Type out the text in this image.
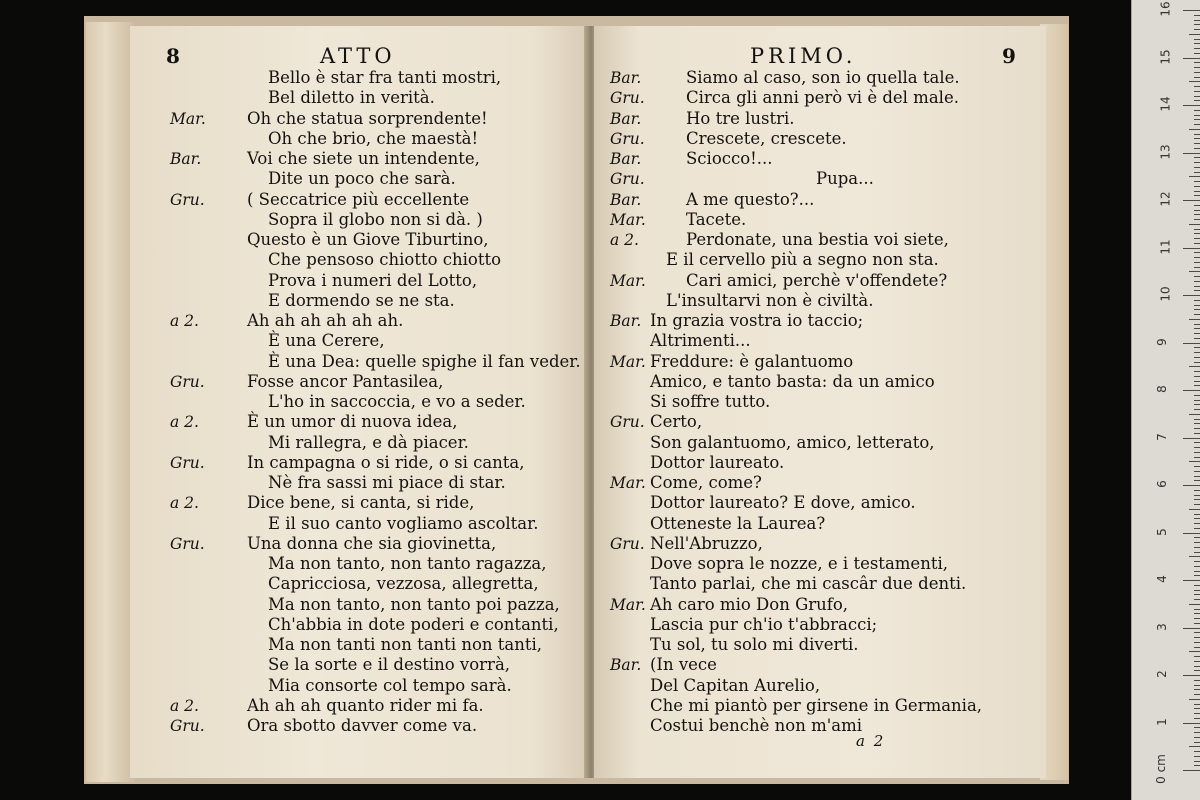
8	ATTO
Bello è star fra tanti mostri,
Bel diletto in verità.
Mar.	Oh che statua sorprendente!
Oh che brio, che maestà!
Bar.	Voi che siete un intendente,
Dite un poco che sarà.
Gru.	( Seccatrice più eccellente
Sopra il globo non si dà. )
Questo è un Giove Tiburtino,
Che pensoso chiotto chiotto
Prova i numeri del Lotto,
E dormendo se ne sta.
a 2.	Ah ah ah ah ah ah.
È una Cerere,
È una Dea: quelle spighe il fan veder.
Gru.	Fosse ancor Pantasilea,
L'ho in saccoccia, e vo a seder.
a 2.	È un umor di nuova idea,
Mi rallegra, e dà piacer.
Gru.	In campagna o si ride, o si canta,
Nè fra sassi mi piace di star.
a 2.	Dice bene, si canta, si ride,
E il suo canto vogliamo ascoltar.
Gru.	Una donna che sia giovinetta,
Ma non tanto, non tanto ragazza,
Capricciosa, vezzosa, allegretta,
Ma non tanto, non tanto poi pazza,
Ch'abbia in dote poderi e contanti,
Ma non tanti non tanti non tanti,
Se la sorte e il destino vorrà,
Mia consorte col tempo sarà.
a 2.	Ah ah ah quanto rider mi fa.
Gru.	Ora sbotto davver come va.
PRIMO.	9
Bar.	Siamo al caso, son io quella tale.
Gru.	Circa gli anni però vi è del male.
Bar.	Ho tre lustri.
Gru.	Crescete, crescete.
Bar.	Sciocco!...
Gru.	Pupa...
Bar.	A me questo?...
Mar. Tacete.
a 2.	Perdonate, una bestia voi siete,
E il cervello più a segno non sta.
Mar. Cari amici, perchè v'offendete?
L'insultarvi non è civiltà.
Bar. In grazia vostra io taccio;
Altrimenti...
Mar. Freddure: è galantuomo
Amico, e tanto basta: da un amico
Si soffre tutto.
Gru. Certo,
Son galantuomo, amico, letterato,
Dottor laureato.
Mar. Come, come?
Dottor laureato? E dove, amico.
Otteneste la Laurea?
Gru. Nell'Abruzzo,
Dove sopra le nozze, e i testamenti,
Tanto parlai, che mi cascâr due denti.
Mar. Ah caro mio Don Grufo,
Lascia pur ch'io t'abbracci;
Tu sol, tu solo mi diverti.
Bar. (In vece
Del Capitan Aurelio,
Che mi piantò per girsene in Germania,
Costui benchè non m'ami
a 2
0 cm
1
2
3
4
5
6
7
8
9
10
11
12
13
14
15
16
